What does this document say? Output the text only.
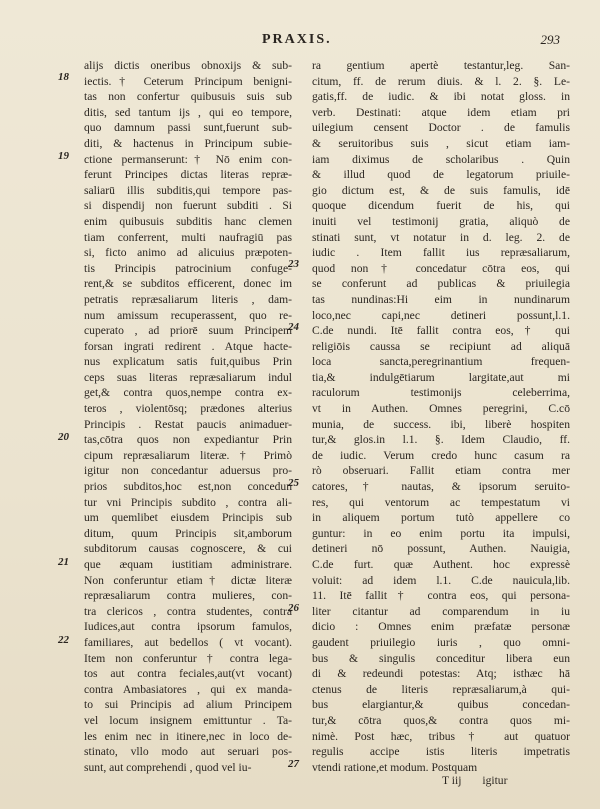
PRAXIS.	293
alijs dictis oneribus obnoxijs & sub-
iectis.† Ceterum Principum benigni-
tas non confertur quibusuis suis sub
ditis, sed tantum ijs , qui eo tempore,
quo damnum passi sunt,fuerunt sub-
diti, & hactenus in Principum subie-
ctione permanserunt:† Nō enim con-
ferunt Principes dictas literas repræ-
saliarū illis subditis,qui tempore pas-
si dispendij non fuerunt subditi . Si
enim quibusuis subditis hanc clemen
tiam conferrent, multi naufragiū pas
si, ficto animo ad alicuius præpoten-
tis Principis patrocinium confuge-
rent,& se subditos efficerent, donec im
petratis repræsaliarum literis , dam-
num amissum recuperassent, quo re-
cuperato , ad priorē suum Principem
forsan ingrati redirent . Atque hacte-
nus explicatum satis fuit,quibus Prin
ceps suas literas repræsaliarum indul
get,& contra quos,nempe contra ex-
teros , violentōsq; prædones alterius
Principis . Restat paucis animaduer-
tas,cōtra quos non expediantur Prin
cipum repræsaliarum literæ. † Primò
igitur non concedantur aduersus pro-
prios subditos,hoc est,non concedun
tur vni Principis subdito , contra ali-
um quemlibet eiusdem Principis sub
ditum, quum Principis sit,amborum
subditorum causas cognoscere, & cui
que æquam iustitiam administrare.
Non conferuntur etiam† dictæ literæ
repræsaliarum contra mulieres, con-
tra clericos , contra studentes, contra
Iudices,aut contra ipsorum famulos,
familiares, aut bedellos ( vt vocant).
Item non conferuntur † contra lega-
tos aut contra feciales,aut(vt vocant)
contra Ambasiatores , qui ex manda-
to sui Principis ad alium Principem
vel locum insignem emittuntur . Ta-
les enim nec in itinere,nec in loco de-
stinato, vllo modo aut seruari pos-
sunt, aut comprehendi , quod vel iu-
ra gentium apertè testantur,leg. San-
citum, ff. de rerum diuis. & l. 2. §. Le-
gatis,ff. de iudic. & ibi notat gloss. in
verb. Destinati: atque idem etiam pri
uilegium censent Doctor . de famulis
& seruitoribus suis , sicut etiam iam-
iam diximus de scholaribus . Quin
& illud quod de legatorum priuile-
gio dictum est, & de suis famulis, idē
quoque dicendum fuerit de his, qui
inuiti vel testimonij gratia, aliquò de
stinati sunt, vt notatur in d. leg. 2. de
iudic . Item fallit ius repræsaliarum,
quod non† concedatur cōtra eos, qui
se conferunt ad publicas & priuilegia
tas nundinas:Hi eim in nundinarum
loco,nec capi,nec detineri possunt,l.1.
C.de nundi. Itē fallit contra eos,† qui
religiōis caussa se recipiunt ad aliquā
loca sancta,peregrinantium frequen-
tia,& indulgētiarum largitate,aut mi
raculorum testimonijs celeberrima,
vt in Authen. Omnes peregrini, C.cō
munia, de success. ibi, liberè hospiten
tur,& glos.in l.1. §. Idem Claudio, ff.
de iudic. Verum credo hunc casum ra
rò obseruari. Fallit etiam contra mer
catores,† nautas, & ipsorum seruito-
res, qui ventorum ac tempestatum vi
in aliquem portum tutò appellere co
guntur: in eo enim portu ita impulsi,
detineri nō possunt, Authen. Nauigia,
C.de furt. quæ Authent. hoc expressè
voluit: ad idem l.1. C.de nauicula,lib.
11. Itē fallit† contra eos, qui persona-
liter citantur ad comparendum in iu
dicio : Omnes enim præfatæ personæ
gaudent priuilegio iuris , quo omni-
bus & singulis conceditur libera eun
di & redeundi potestas: Atq; isthæc hā
ctenus de literis repræsaliarum,à qui-
bus elargiantur,& quibus concedan-
tur,& cōtra quos,& contra quos mi-
nimè. Post hæc, tribus† aut quatuor
regulis accipe istis literis impetratis
vtendi ratione,et modum. Postquam
18
19
20
21
22
23
24
25
26
27
T iij igitur
